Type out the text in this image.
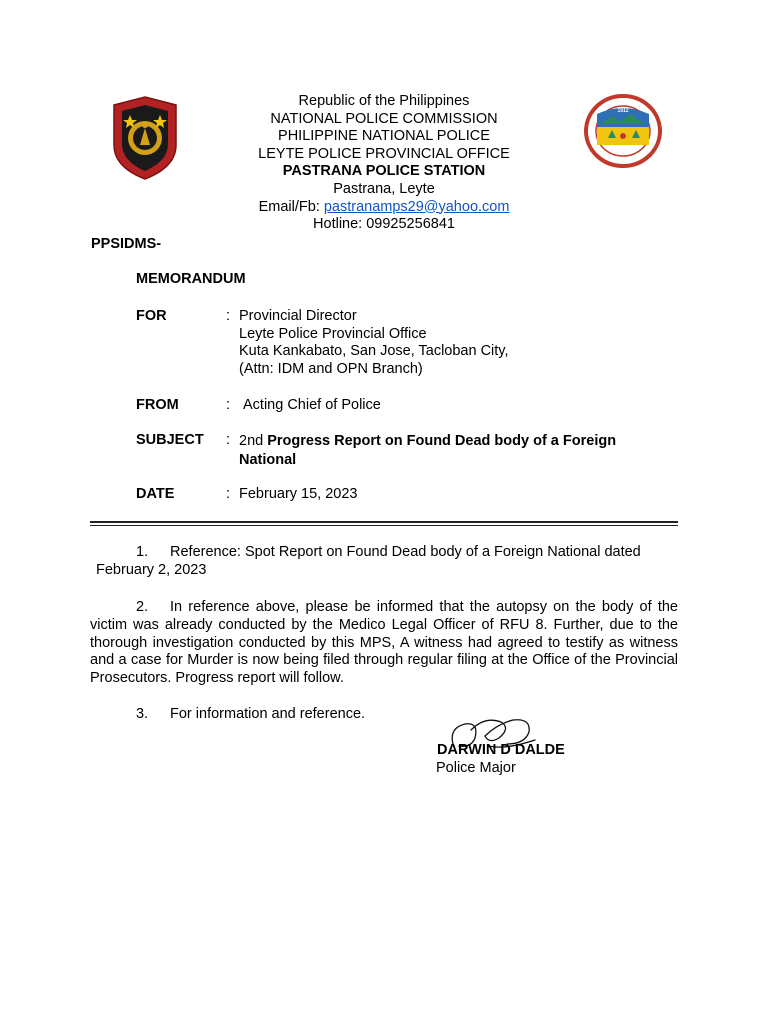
1912
Republic of the Philippines
NATIONAL POLICE COMMISSION
PHILIPPINE NATIONAL POLICE
LEYTE POLICE PROVINCIAL OFFICE
PASTRANA POLICE STATION
Pastrana, Leyte
Email/Fb: pastranamps29@yahoo.com
Hotline: 09925256841
PPSIDMS-
MEMORANDUM
FOR	: Provincial Director
Leyte Police Provincial Office
Kuta Kankabato, San Jose, Tacloban City,
(Attn: IDM and OPN Branch)
FROM	: Acting Chief of Police
SUBJECT : 2nd Progress Report on Found Dead body of a Foreign
National
DATE	: February 15, 2023
1. Reference: Spot Report on Found Dead body of a Foreign National dated
February 2, 2023
2. In reference above, please be informed that the autopsy on the body of the victim was already conducted by the Medico Legal Officer of RFU 8. Further, due to the thorough investigation conducted by this MPS, A witness had agreed to testify as witness and a case for Murder is now being filed through regular filing at the Office of the Provincial Prosecutors. Progress report will follow.
3. For information and reference.
DARWIN D DALDE
Police Major
